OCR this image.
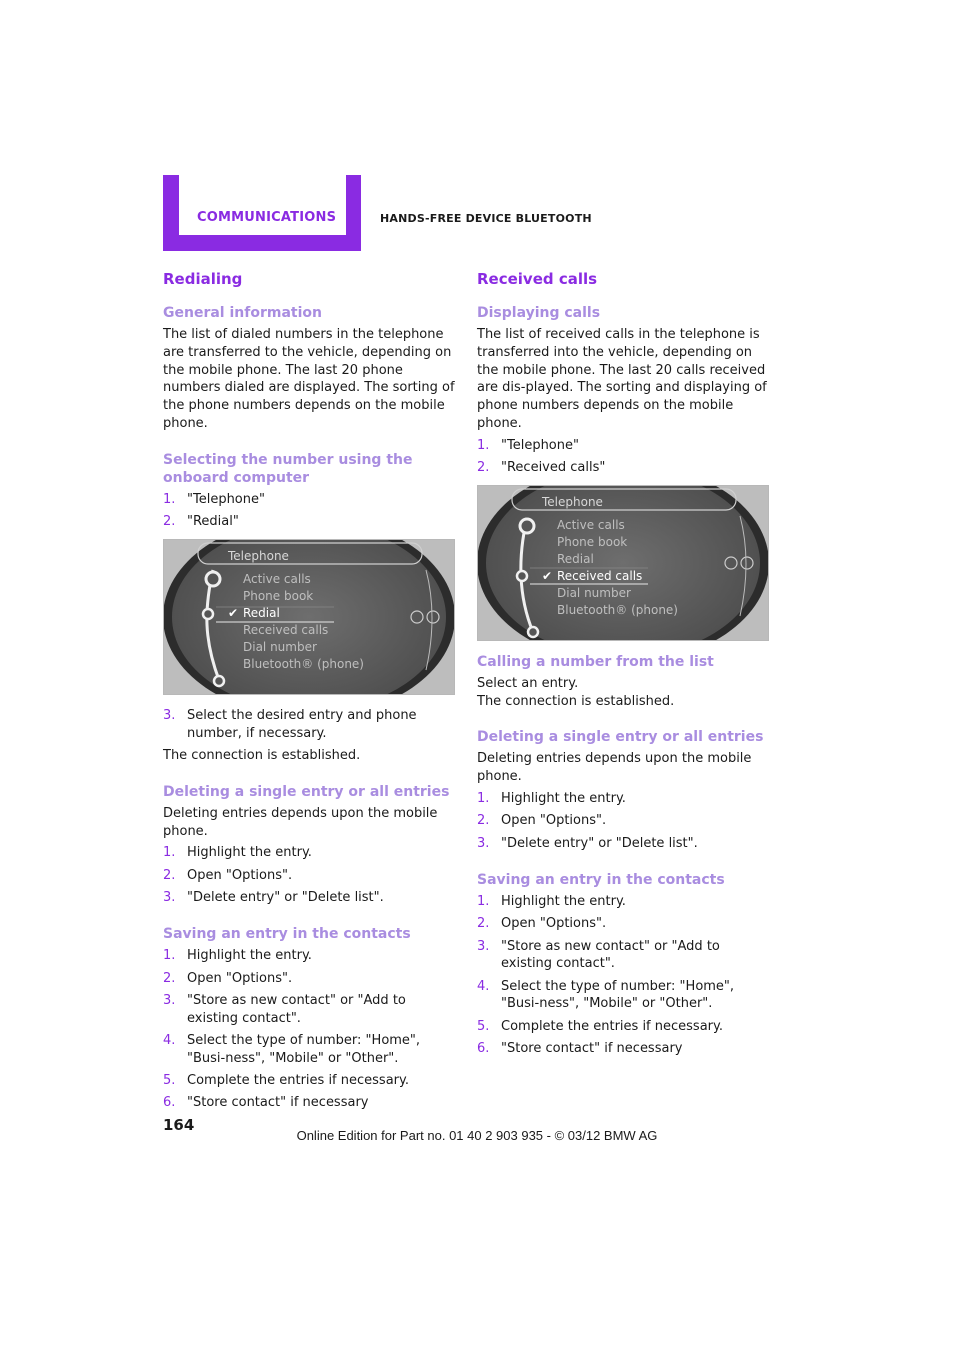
COMMUNICATIONS	HANDS-FREE DEVICE BLUETOOTH
Redialing
General information

The list of dialed numbers in the telephone are transferred to the vehicle, depending on the mobile phone. The last 20 phone numbers dialed are displayed. The sorting of the phone numbers depends on the mobile phone.

Selecting the number using the onboard computer
1. "Telephone"
2. "Redial"
Telephone
Active calls
Phone book
✔ Redial
Received calls
Dial number
Bluetooth® (phone)
3. Select the desired entry and phone number, if necessary.

The connection is established.

Deleting a single entry or all entries

Deleting entries depends upon the mobile phone.

1. Highlight the entry.
2. Open "Options".
3. "Delete entry" or "Delete list".
Saving an entry in the contacts
1. Highlight the entry.
2. Open "Options".
3. "Store as new contact" or "Add to existing contact".
4. Select the type of number: "Home", "Busi-ness", "Mobile" or "Other".
5. Complete the entries if necessary.
6. "Store contact" if necessary
Received calls
Displaying calls

The list of received calls in the telephone is transferred into the vehicle, depending on the mobile phone. The last 20 calls received are dis-played. The sorting and displaying of phone numbers depends on the mobile phone.

1. "Telephone"
2. "Received calls"
Telephone
Active calls
Phone book
Redial
✔ Received calls
Dial number
Bluetooth® (phone)
Calling a number from the list

Select an entry.

The connection is established.

Deleting a single entry or all entries

Deleting entries depends upon the mobile phone.

1. Highlight the entry.
2. Open "Options".
3. "Delete entry" or "Delete list".
Saving an entry in the contacts
1. Highlight the entry.
2. Open "Options".
3. "Store as new contact" or "Add to existing contact".
4. Select the type of number: "Home", "Busi-ness", "Mobile" or "Other".
5. Complete the entries if necessary.
6. "Store contact" if necessary
164
Online Edition for Part no. 01 40 2 903 935 - © 03/12 BMW AG
